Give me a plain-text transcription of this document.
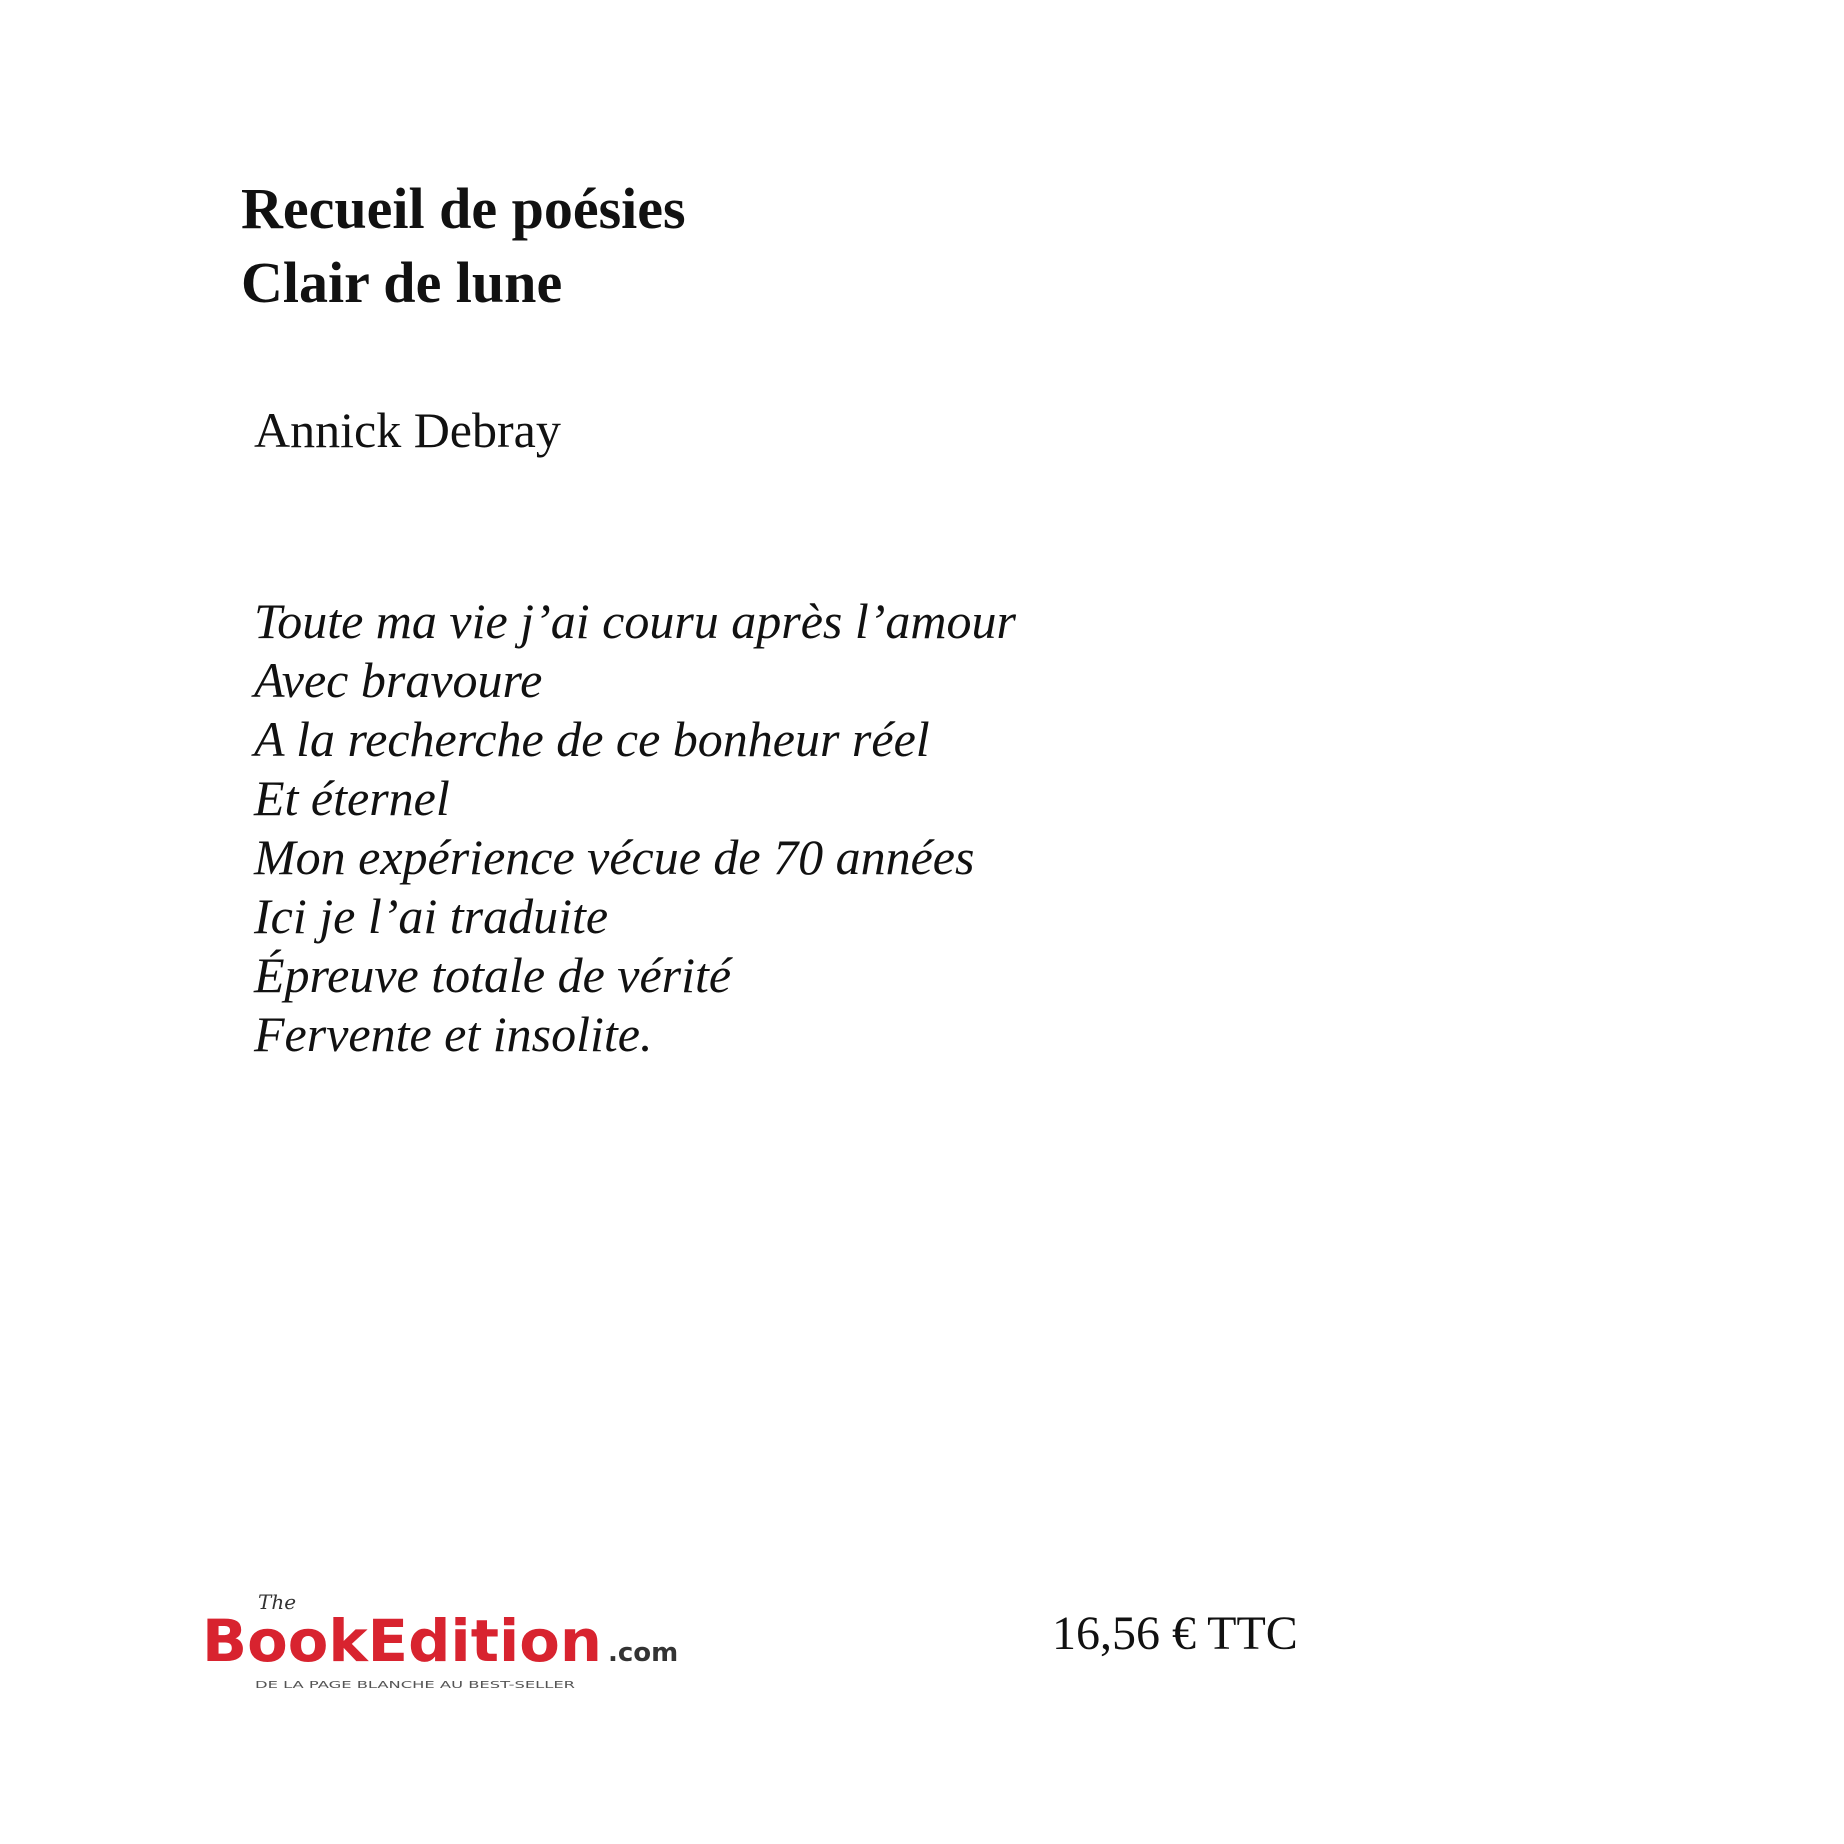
Recueil de poésies
Clair de lune
Annick Debray
Toute ma vie j’ai couru après l’amour
Avec bravoure
A la recherche de ce bonheur réel
Et éternel
Mon expérience vécue de 70 années
Ici je l’ai traduite
Épreuve totale de vérité
Fervente et insolite.
The
BookEdition .com
DE LA PAGE BLANCHE AU BEST-SELLER
16,56 € TTC
